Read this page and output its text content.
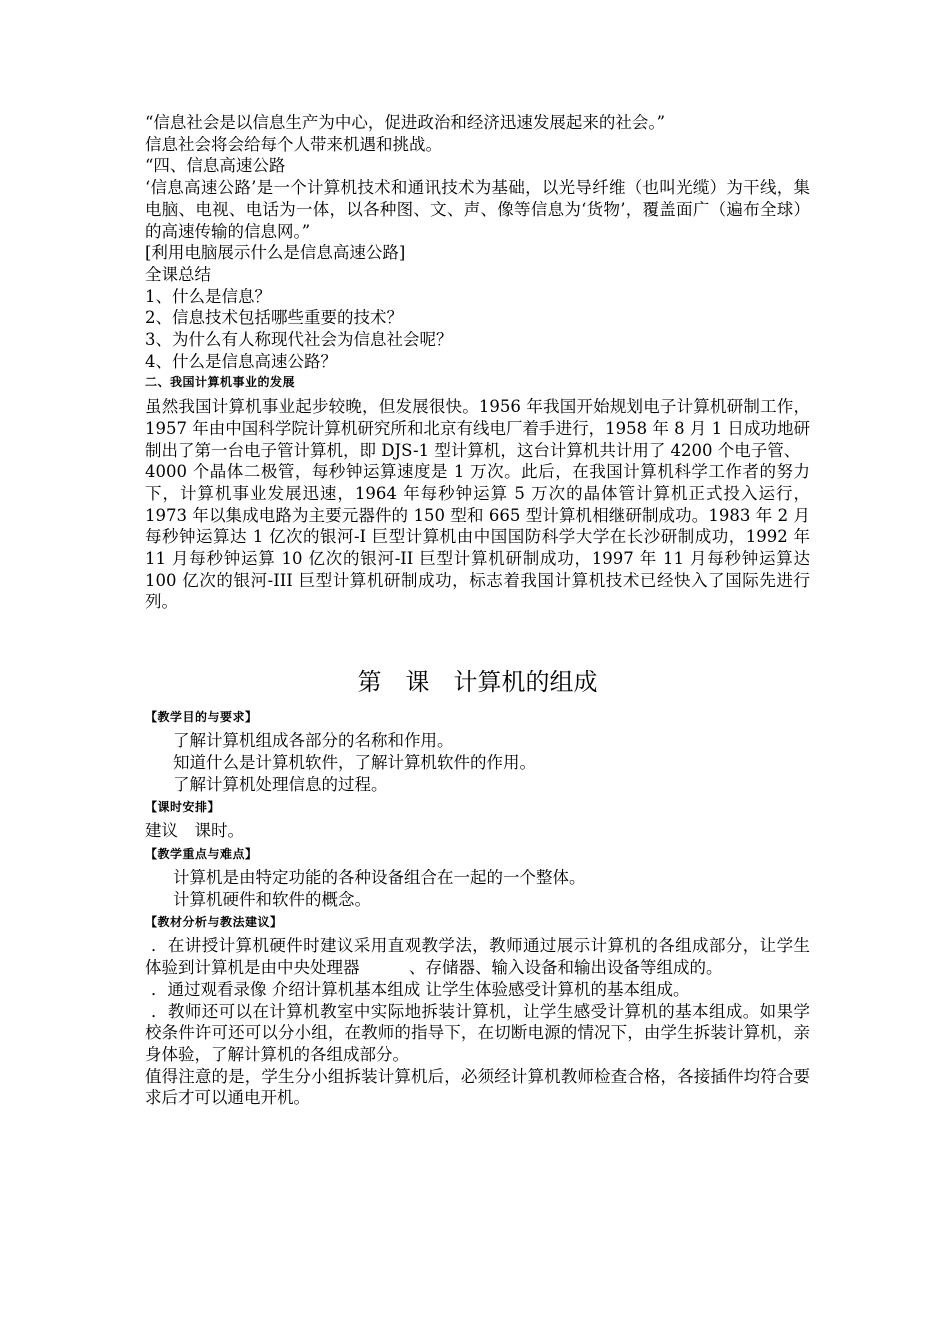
“信息社会是以信息生产为中心，促进政治和经济迅速发展起来的社会。”
信息社会将会给每个人带来机遇和挑战。
“四、信息高速公路
‘信息高速公路’是一个计算机技术和通讯技术为基础，以光导纤维（也叫光缆）为干线，集电脑、电视、电话为一体，以各种图、文、声、像等信息为‘货物’，覆盖面广（遍布全球）的高速传输的信息网。”
[利用电脑展示什么是信息高速公路]
全课总结
1、什么是信息？
2、信息技术包括哪些重要的技术？
3、为什么有人称现代社会为信息社会呢？
4、什么是信息高速公路？
二、我国计算机事业的发展
虽然我国计算机事业起步较晚，但发展很快。1956 年我国开始规划电子计算机研制工作，1957 年由中国科学院计算机研究所和北京有线电厂着手进行，1958 年 8 月 1 日成功地研制出了第一台电子管计算机，即 DJS-1 型计算机，这台计算机共计用了 4200 个电子管、
4000 个晶体二极管，每秒钟运算速度是 1 万次。此后，在我国计算机科学工作者的努力下，计算机事业发展迅速，1964 年每秒钟运算 5 万次的晶体管计算机正式投入运行，1973 年以集成电路为主要元器件的 150 型和 665 型计算机相继研制成功。1983 年 2 月每秒钟运算达 1 亿次的银河-I 巨型计算机由中国国防科学大学在长沙研制成功，1992 年 11 月每秒钟运算 10 亿次的银河-II 巨型计算机研制成功，1997 年 11 月每秒钟运算达 100 亿次的银河-III 巨型计算机研制成功，标志着我国计算机技术已经快入了国际先进行列。
第　课　计算机的组成
【教学目的与要求】
了解计算机组成各部分的名称和作用。
知道什么是计算机软件，了解计算机软件的作用。
了解计算机处理信息的过程。
【课时安排】
建议　课时。
【教学重点与难点】
计算机是由特定功能的各种设备组合在一起的一个整体。
计算机硬件和软件的概念。
【教材分析与教法建议】
．在讲授计算机硬件时建议采用直观教学法，教师通过展示计算机的各组成部分，让学生体验到计算机是由中央处理器　　　、存储器、输入设备和输出设备等组成的。
．通过观看录像 介绍计算机基本组成 让学生体验感受计算机的基本组成。
．教师还可以在计算机教室中实际地拆装计算机，让学生感受计算机的基本组成。如果学校条件许可还可以分小组，在教师的指导下，在切断电源的情况下，由学生拆装计算机，亲身体验，了解计算机的各组成部分。
值得注意的是，学生分小组拆装计算机后，必须经计算机教师检查合格，各接插件均符合要求后才可以通电开机。
